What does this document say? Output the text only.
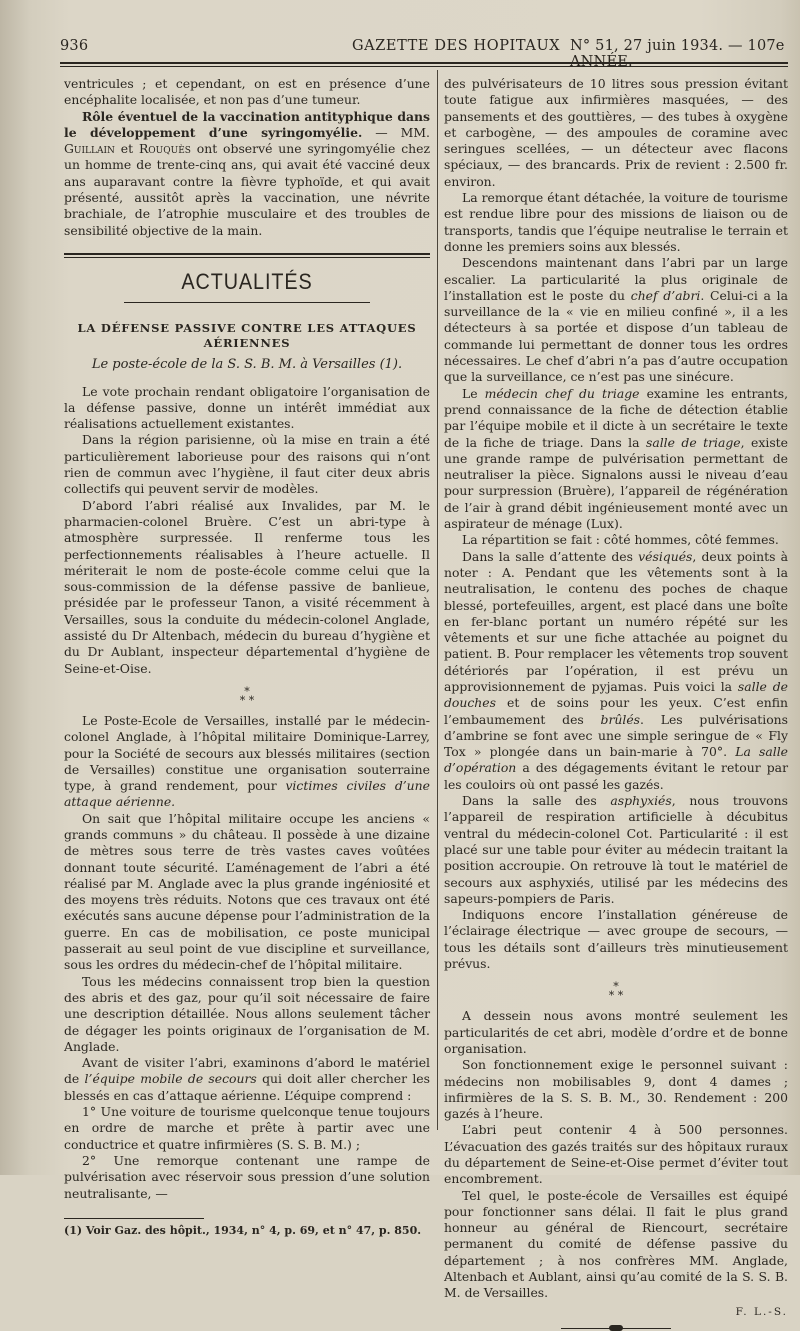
936	GAZETTE DES HOPITAUX N° 51, 27 juin 1934. — 107e ANNÉE.

ventricules ; et cependant, on est en présence d’une encéphalite localisée, et non pas d’une tumeur.

Rôle éventuel de la vaccination antityphique dans le développement d’une syringomyélie. — MM. Guillain et Rouquès ont observé une syringomyélie chez un homme de trente-cinq ans, qui avait été vacciné deux ans auparavant contre la fièvre typhoïde, et qui avait présenté, aussitôt après la vaccination, une névrite brachiale, de l’atrophie musculaire et des troubles de sensibilité objective de la main.

ACTUALITÉS
LA DÉFENSE PASSIVE CONTRE LES ATTAQUES AÉRIENNES
Le poste-école de la S. S. B. M. à Versailles (1).

Le vote prochain rendant obligatoire l’organisation de la défense passive, donne un intérêt immédiat aux réalisations actuellement existantes.

Dans la région parisienne, où la mise en train a été particulièrement laborieuse pour des raisons qui n’ont rien de commun avec l’hygiène, il faut citer deux abris collectifs qui peuvent servir de modèles.

D’abord l’abri réalisé aux Invalides, par M. le pharmacien-colonel Bruère. C’est un abri-type à atmosphère surpressée. Il renferme tous les perfectionnements réalisables à l’heure actuelle. Il mériterait le nom de poste-école comme celui que la sous-commission de la défense passive de banlieue, présidée par le professeur Tanon, a visité récemment à Versailles, sous la conduite du médecin-colonel Anglade, assisté du Dr Altenbach, médecin du bureau d’hygiène et du Dr Aublant, inspecteur départemental d’hygiène de Seine-et-Oise.

*
* *

Le Poste-Ecole de Versailles, installé par le médecin-colonel Anglade, à l’hôpital militaire Dominique-Larrey, pour la Société de secours aux blessés militaires (section de Versailles) constitue une organisation souterraine type, à grand rendement, pour victimes civiles d’une attaque aérienne.

On sait que l’hôpital militaire occupe les anciens « grands communs » du château. Il possède à une dizaine de mètres sous terre de très vastes caves voûtées donnant toute sécurité. L’aménagement de l’abri a été réalisé par M. Anglade avec la plus grande ingéniosité et des moyens très réduits. Notons que ces travaux ont été exécutés sans aucune dépense pour l’administration de la guerre. En cas de mobilisation, ce poste municipal passerait au seul point de vue discipline et surveillance, sous les ordres du médecin-chef de l’hôpital militaire.

Tous les médecins connaissent trop bien la question des abris et des gaz, pour qu’il soit nécessaire de faire une description détaillée. Nous allons seulement tâcher de dégager les points originaux de l’organisation de M. Anglade.

Avant de visiter l’abri, examinons d’abord le matériel de l’équipe mobile de secours qui doit aller chercher les blessés en cas d’attaque aérienne. L’équipe comprend :

1° Une voiture de tourisme quelconque tenue toujours en ordre de marche et prête à partir avec une conductrice et quatre infirmières (S. S. B. M.) ;

2° Une remorque contenant une rampe de pulvérisation avec réservoir sous pression d’une solution neutralisante, —

(1) Voir Gaz. des hôpit., 1934, n° 4, p. 69, et n° 47, p. 850.

des pulvérisateurs de 10 litres sous pression évitant toute fatigue aux infirmières masquées, — des pansements et des gouttières, — des tubes à oxygène et carbogène, — des ampoules de coramine avec seringues scellées, — un détecteur avec flacons spéciaux, — des brancards. Prix de revient : 2.500 fr. environ.

La remorque étant détachée, la voiture de tourisme est rendue libre pour des missions de liaison ou de transports, tandis que l’équipe neutralise le terrain et donne les premiers soins aux blessés.

Descendons maintenant dans l’abri par un large escalier. La particularité la plus originale de l’installation est le poste du chef d’abri. Celui-ci a la surveillance de la « vie en milieu confiné », il a les détecteurs à sa portée et dispose d’un tableau de commande lui permettant de donner tous les ordres nécessaires. Le chef d’abri n’a pas d’autre occupation que la surveillance, ce n’est pas une sinécure.

Le médecin chef du triage examine les entrants, prend connaissance de la fiche de détection établie par l’équipe mobile et il dicte à un secrétaire le texte de la fiche de triage. Dans la salle de triage, existe une grande rampe de pulvérisation permettant de neutraliser la pièce. Signalons aussi le niveau d’eau pour surpression (Bruère), l’appareil de régénération de l’air à grand débit ingénieusement monté avec un aspirateur de ménage (Lux).

La répartition se fait : côté hommes, côté femmes.

Dans la salle d’attente des vésiqués, deux points à noter : A. Pendant que les vêtements sont à la neutralisation, le contenu des poches de chaque blessé, portefeuilles, argent, est placé dans une boîte en fer-blanc portant un numéro répété sur les vêtements et sur une fiche attachée au poignet du patient. B. Pour remplacer les vêtements trop souvent détériorés par l’opération, il est prévu un approvisionnement de pyjamas. Puis voici la salle de douches et de soins pour les yeux. C’est enfin l’embaumement des brûlés. Les pulvérisations d’ambrine se font avec une simple seringue de « Fly Tox » plongée dans un bain-marie à 70°. La salle d’opération a des dégagements évitant le retour par les couloirs où ont passé les gazés.

Dans la salle des asphyxiés, nous trouvons l’appareil de respiration artificielle à décubitus ventral du médecin-colonel Cot. Particularité : il est placé sur une table pour éviter au médecin traitant la position accroupie. On retrouve là tout le matériel de secours aux asphyxiés, utilisé par les médecins des sapeurs-pompiers de Paris.

Indiquons encore l’installation généreuse de l’éclairage électrique — avec groupe de secours, — tous les détails sont d’ailleurs très minutieusement prévus.

*
* *

A dessein nous avons montré seulement les particularités de cet abri, modèle d’ordre et de bonne organisation.

Son fonctionnement exige le personnel suivant : médecins non mobilisables 9, dont 4 dames ; infirmières de la S. S. B. M., 30. Rendement : 200 gazés à l’heure.

L’abri peut contenir 4 à 500 personnes. L’évacuation des gazés traités sur des hôpitaux ruraux du département de Seine-et-Oise permet d’éviter tout encombrement.

Tel quel, le poste-école de Versailles est équipé pour fonctionner sans délai. Il fait le plus grand honneur au général de Riencourt, secrétaire permanent du comité de défense passive du département ; à nos confrères MM. Anglade, Altenbach et Aublant, ainsi qu’au comité de la S. S. B. M. de Versailles.

F. L.-S.
